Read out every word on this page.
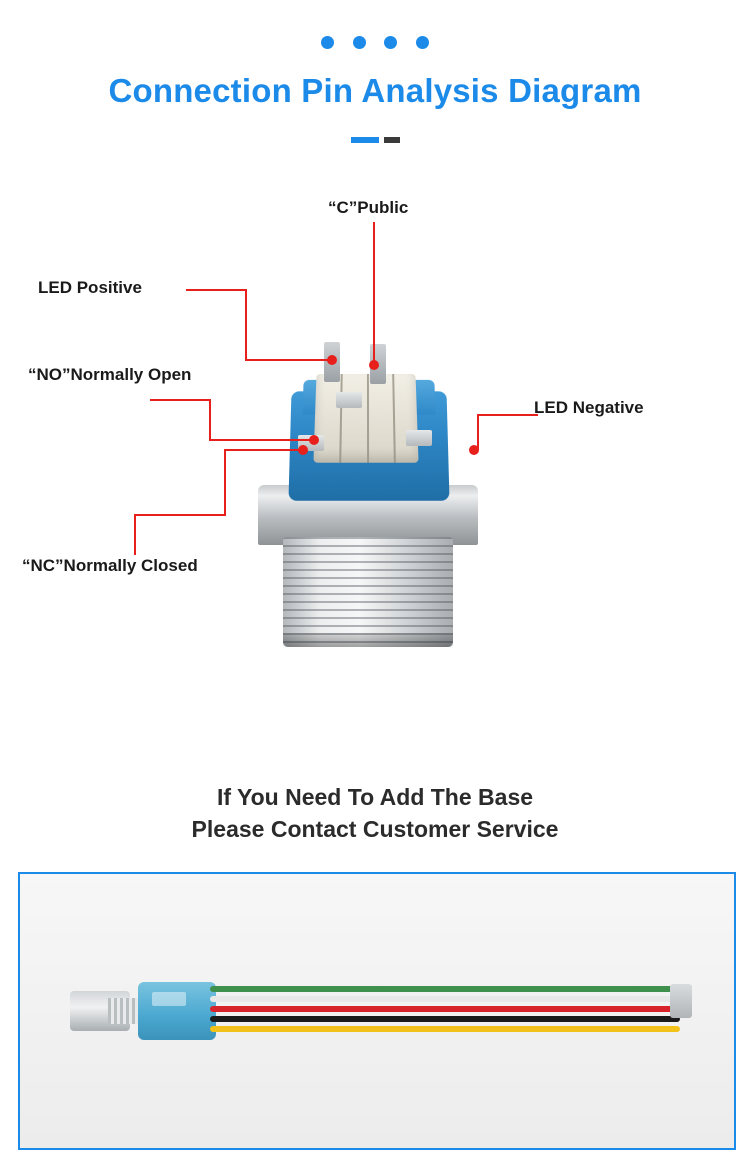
Connection Pin Analysis Diagram
“C”Public
LED Positive
“NO”Normally Open
LED Negative
“NC”Normally Closed
If You Need To Add The Base
Please Contact Customer Service
